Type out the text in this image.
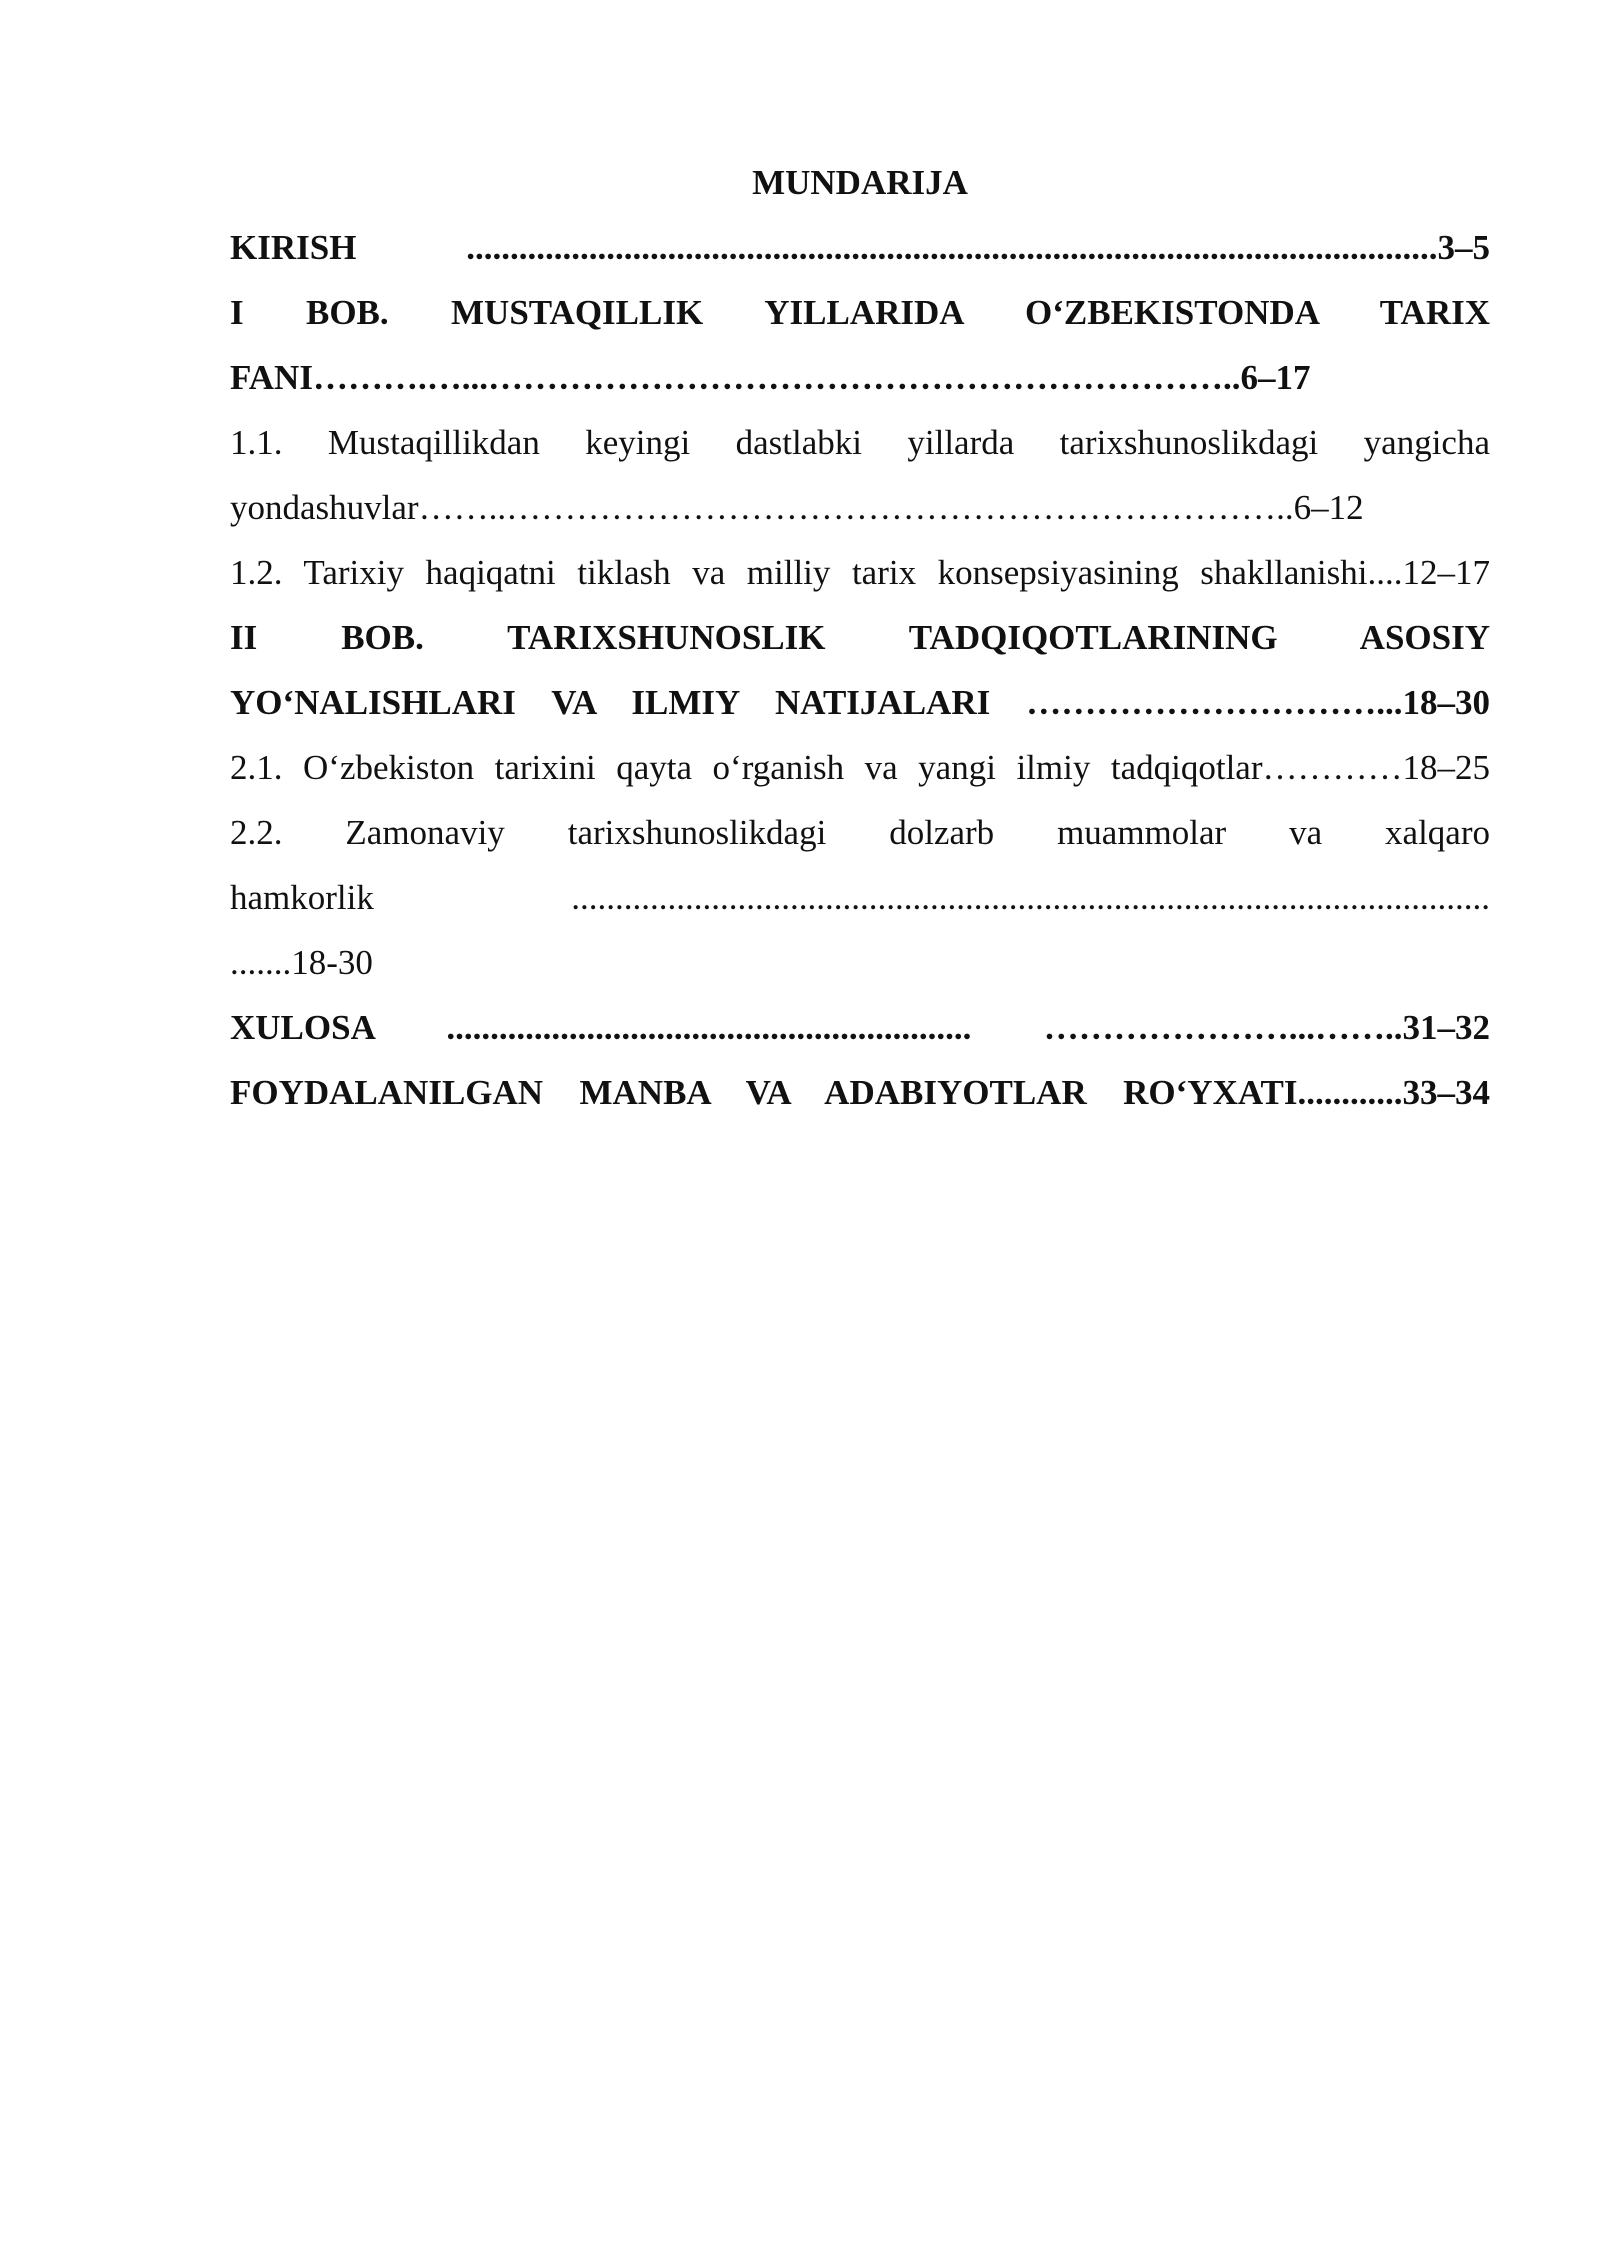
MUNDARIJA

KIRISH ...............................................................................................................3–5

I BOB. MUSTAQILLIK YILLARIDA O‘ZBEKISTONDA TARIX

FANI……….…...………………………………………………………..6–17

1.1. Mustaqillikdan keyingi dastlabki yillarda tarixshunoslikdagi yangicha

yondashuvlar……..…………………………………………………………..6–12

1.2. Tarixiy haqiqatni tiklash va milliy tarix konsepsiyasining shakllanishi....12–17

II BOB. TARIXSHUNOSLIK TADQIQOTLARINING ASOSIY

YO‘NALISHLARI VA ILMIY NATIJALARI …………………………...18–30

2.1. O‘zbekiston tarixini qayta o‘rganish va yangi ilmiy tadqiqotlar…………18–25

2.2. Zamonaviy tarixshunoslikdagi dolzarb muammolar va xalqaro

hamkorlik .........................................................................................................

.......18-30

XULOSA ............................................................ …………………...……..31–32

FOYDALANILGAN MANBA VA ADABIYOTLAR RO‘YXATI............33–34
